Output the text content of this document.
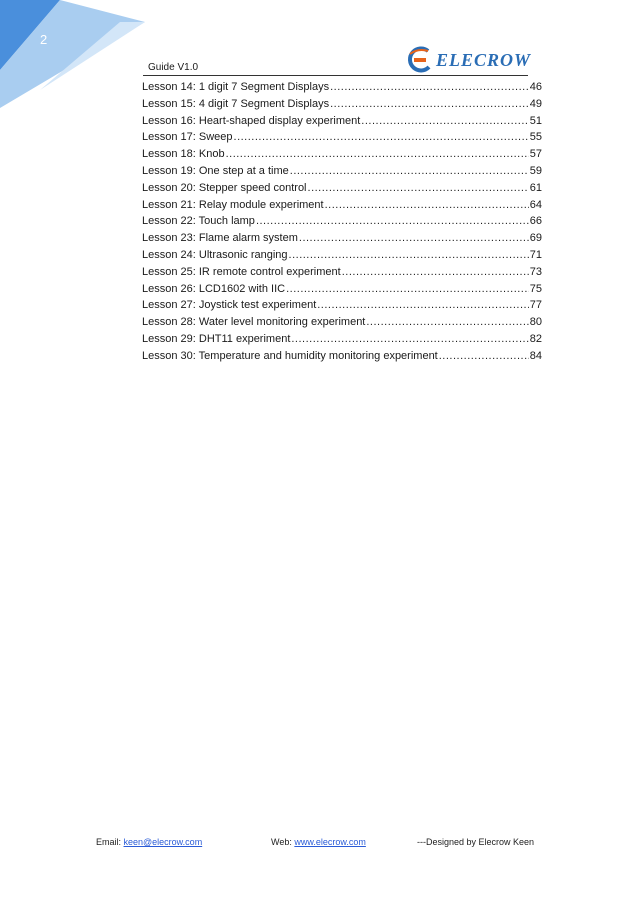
2
Guide V1.0	ELECROW
Lesson 14: 1 digit 7 Segment Displays .....	46
Lesson 15: 4 digit 7 Segment Displays .....	49
Lesson 16: Heart-shaped display experiment .....	51
Lesson 17: Sweep .....	55
Lesson 18: Knob .....	57
Lesson 19: One step at a time .....	59
Lesson 20: Stepper speed control .....	61
Lesson 21: Relay module experiment .....	64
Lesson 22: Touch lamp .....	66
Lesson 23: Flame alarm system .....	69
Lesson 24: Ultrasonic ranging .....	71
Lesson 25: IR remote control experiment .....	73
Lesson 26: LCD1602 with IIC .....	75
Lesson 27: Joystick test experiment .....	77
Lesson 28: Water level monitoring experiment .....	80
Lesson 29: DHT11 experiment .....	82
Lesson 30: Temperature and humidity monitoring experiment .....	84
Email: keen@elecrow.com	Web: www.elecrow.com	---Designed by Elecrow Keen
